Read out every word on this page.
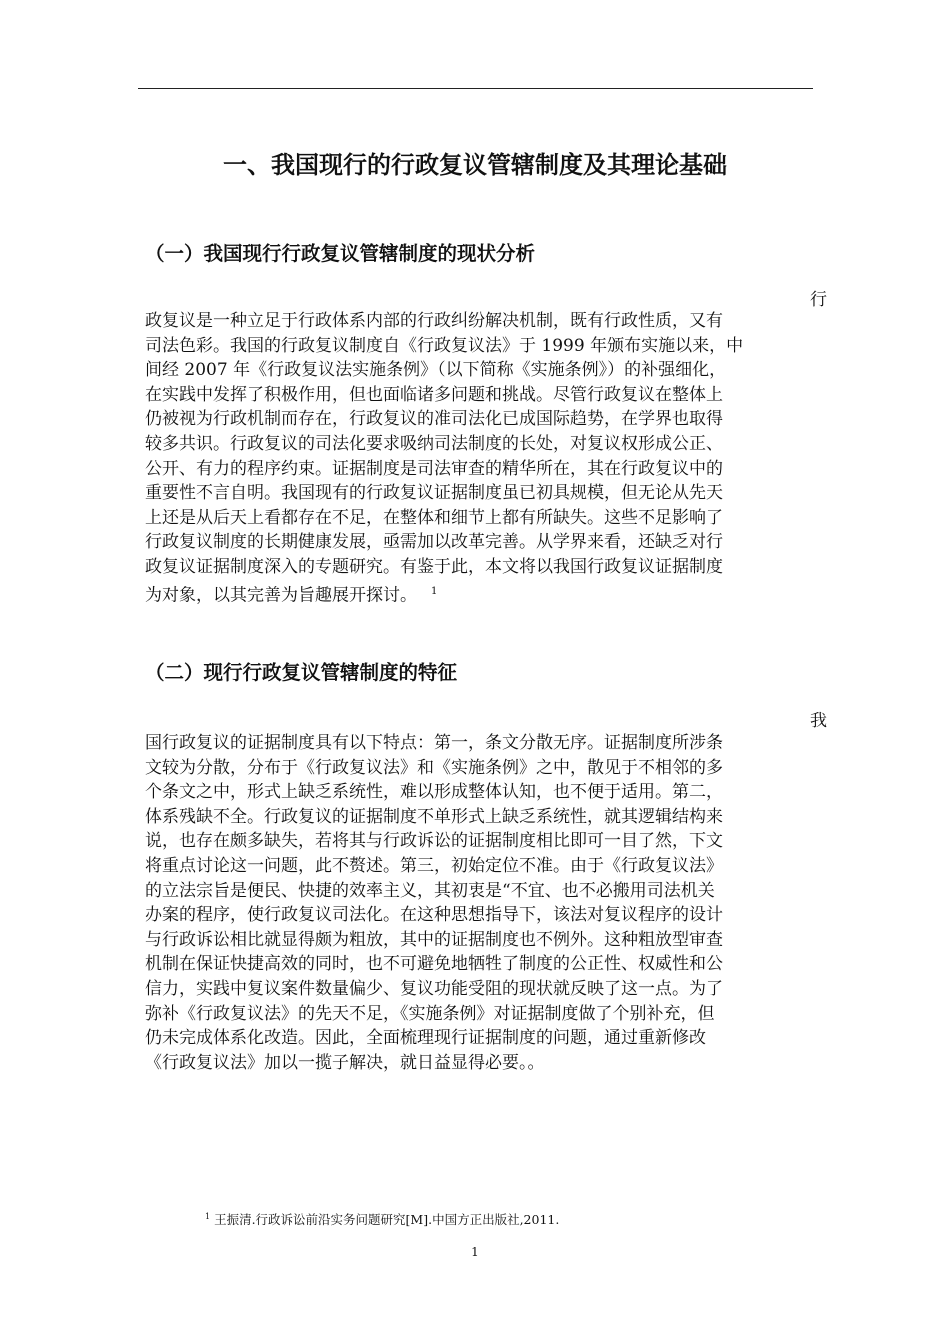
一、我国现行的行政复议管辖制度及其理论基础
（一）我国现行行政复议管辖制度的现状分析
行
政复议是一种立足于行政体系内部的行政纠纷解决机制，既有行政性质，又有
司法色彩。我国的行政复议制度自《行政复议法》于 1999 年颁布实施以来，中
间经 2007 年《行政复议法实施条例》（以下简称《实施条例》）的补强细化，
在实践中发挥了积极作用，但也面临诸多问题和挑战。尽管行政复议在整体上
仍被视为行政机制而存在，行政复议的准司法化已成国际趋势，在学界也取得
较多共识。行政复议的司法化要求吸纳司法制度的长处，对复议权形成公正、
公开、有力的程序约束。证据制度是司法审查的精华所在，其在行政复议中的
重要性不言自明。我国现有的行政复议证据制度虽已初具规模，但无论从先天
上还是从后天上看都存在不足，在整体和细节上都有所缺失。这些不足影响了
行政复议制度的长期健康发展，亟需加以改革完善。从学界来看，还缺乏对行
政复议证据制度深入的专题研究。有鉴于此，本文将以我国行政复议证据制度
为对象，以其完善为旨趣展开探讨。 $^1$
（二）现行行政复议管辖制度的特征
我
国行政复议的证据制度具有以下特点：第一，条文分散无序。证据制度所涉条
文较为分散，分布于《行政复议法》和《实施条例》之中，散见于不相邻的多
个条文之中，形式上缺乏系统性，难以形成整体认知，也不便于适用。第二，
体系残缺不全。行政复议的证据制度不单形式上缺乏系统性，就其逻辑结构来
说，也存在颇多缺失，若将其与行政诉讼的证据制度相比即可一目了然，下文
将重点讨论这一问题，此不赘述。第三，初始定位不准。由于《行政复议法》
的立法宗旨是便民、快捷的效率主义，其初衷是“不宜、也不必搬用司法机关
办案的程序，使行政复议司法化。在这种思想指导下，该法对复议程序的设计
与行政诉讼相比就显得颇为粗放，其中的证据制度也不例外。这种粗放型审查
机制在保证快捷高效的同时，也不可避免地牺牲了制度的公正性、权威性和公
信力，实践中复议案件数量偏少、复议功能受阻的现状就反映了这一点。为了
弥补《行政复议法》的先天不足，《实施条例》对证据制度做了个别补充，但
仍未完成体系化改造。因此，全面梳理现行证据制度的问题，通过重新修改
《行政复议法》加以一揽子解决，就日益显得必要。。
$^1$ 王振清.行政诉讼前沿实务问题研究[M].中国方正出版社,2011.
1
